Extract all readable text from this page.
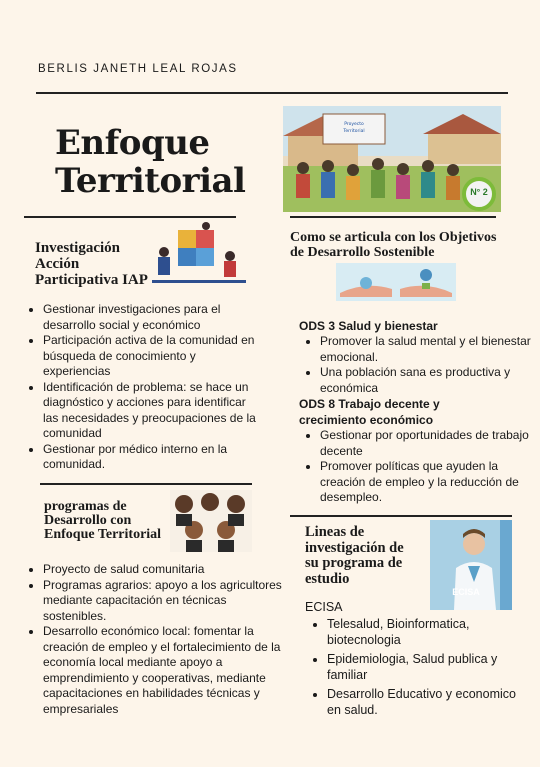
BERLIS JANETH LEAL ROJAS
Enfoque
Territorial
Proyecto
Territorial
N° 2
Investigación
Acción
Participativa IAP
• Gestionar investigaciones para el desarrollo social y económico
• Participación activa de la comunidad en búsqueda de conocimiento y experiencias
• Identificación de problema: se hace un diagnóstico y acciones para identificar las necesidades y preocupaciones de la comunidad
• Gestionar por médico interno en la comunidad.
programas de
Desarrollo con
Enfoque Territorial
• Proyecto de salud comunitaria
• Programas agrarios: apoyo a los agricultores mediante capacitación en técnicas sostenibles.
• Desarrollo económico local: fomentar la creación de empleo y el fortalecimiento de la economía local mediante apoyo a emprendimiento y cooperativas, mediante capacitaciones en habilidades técnicas y empresariales
Como se articula con los Objetivos
de Desarrollo Sostenible
ODS 3 Salud y bienestar
• Promover la salud mental y el bienestar emocional.
• Una población sana es productiva y económica
ODS 8 Trabajo decente y crecimiento económico
• Gestionar por oportunidades de trabajo decente
• Promover políticas que ayuden la creación de empleo y la reducción de desempleo.
Lineas de
investigación de
su programa de
estudio
ECISA
ECISA
• Telesalud, Bioinformatica, biotecnologia
• Epidemiologia, Salud publica y familiar
• Desarrollo Educativo y economico en salud.
